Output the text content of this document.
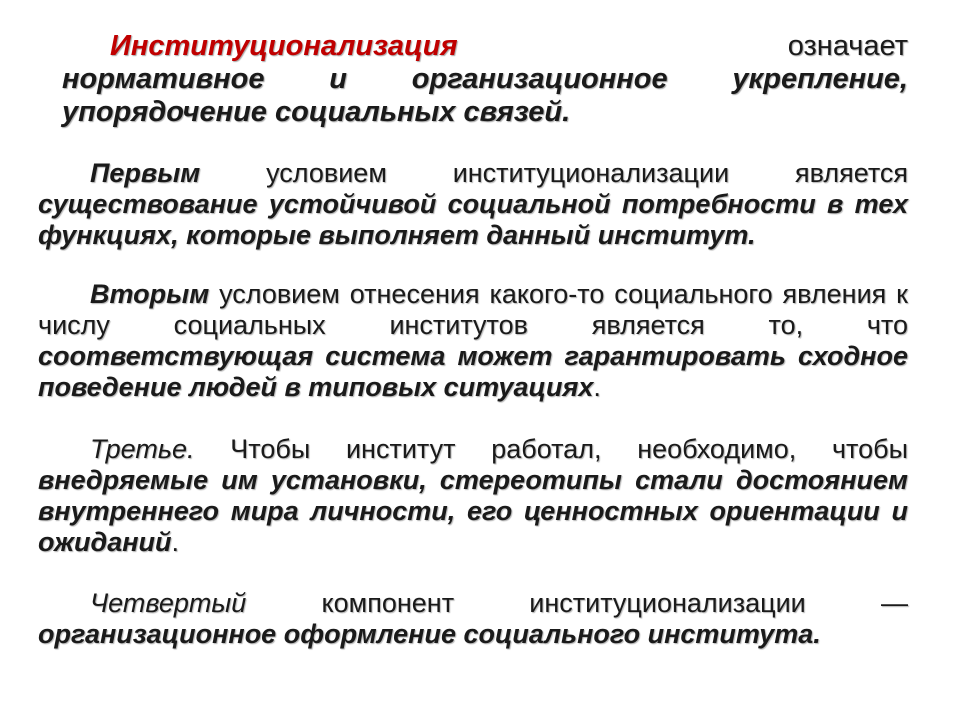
Институционализация	означает
нормативное и организационное укрепление, упорядочение социальных связей.
Первым условием институционализации является существование устойчивой социальной потребности в тех функциях, которые выполняет данный институт.
Вторым условием отнесения какого-то социального явления к числу социальных институтов является то, что соответствующая система может гарантировать сходное поведение людей в типовых ситуациях.
Третье. Чтобы институт работал, необходимо, чтобы внедряемые им установки, стереотипы стали достоянием внутреннего мира личности, его ценностных ориентации и ожиданий.
Четвертый компонент институционализации — организационное оформление социального института.
